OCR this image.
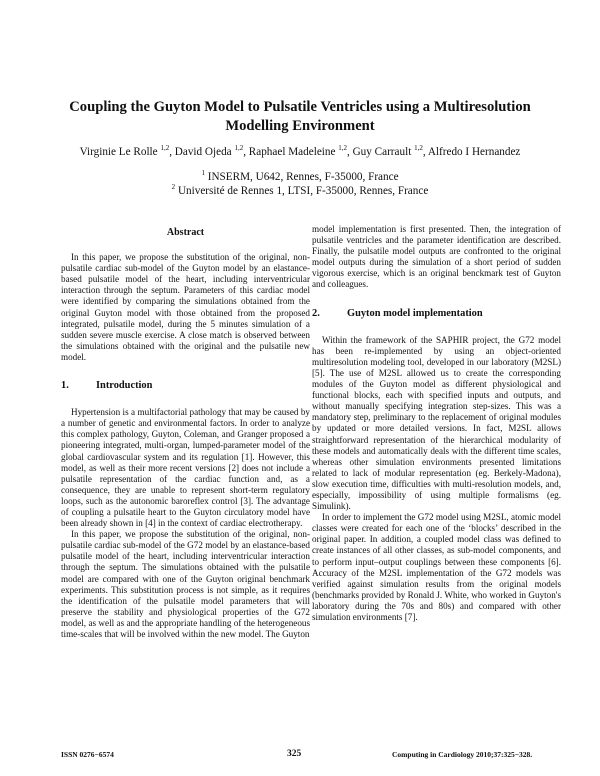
Coupling the Guyton Model to Pulsatile Ventricles using a Multiresolution
Modelling Environment
Virginie Le Rolle $^{1,2}$, David Ojeda $^{1,2}$, Raphael Madeleine $^{1,2}$, Guy Carrault $^{1,2}$, Alfredo I Hernandez
$^1$ INSERM, U642, Rennes, F-35000, France
$^2$ Université de Rennes 1, LTSI, F-35000, Rennes, France
Abstract

In this paper, we propose the substitution of the original, non-pulsatile cardiac sub-model of the Guyton model by an elastance-based pulsatile model of the heart, including interventricular interaction through the septum. Parameters of this cardiac model were identified by comparing the simulations obtained from the original Guyton model with those obtained from the proposed integrated, pulsatile model, during the 5 minutes simulation of a sudden severe muscle exercise. A close match is observed between the simulations obtained with the original and the pulsatile new model.

1.	Introduction

Hypertension is a multifactorial pathology that may be caused by a number of genetic and environmental factors. In order to analyze this complex pathology, Guyton, Coleman, and Granger proposed a pioneering integrated, multi-organ, lumped-parameter model of the global cardiovascular system and its regulation [1]. However, this model, as well as their more recent versions [2] does not include a pulsatile representation of the cardiac function and, as a consequence, they are unable to represent short-term regulatory loops, such as the autonomic baroreflex control [3]. The advantage of coupling a pulsatile heart to the Guyton circulatory model have been already shown in [4] in the context of cardiac electrotherapy.

In this paper, we propose the substitution of the original, non-pulsatile cardiac sub-model of the G72 model by an elastance-based pulsatile model of the heart, including interventricular interaction through the septum. The simulations obtained with the pulsatile model are compared with one of the Guyton original benchmark experiments. This substitution process is not simple, as it requires the identification of the pulsatile model parameters that will preserve the stability and physiological properties of the G72 model, as well as and the appropriate handling of the heterogeneous time-scales that will be involved within the new model. The Guyton

model implementation is first presented. Then, the integration of pulsatile ventricles and the parameter identification are described. Finally, the pulsatile model outputs are confronted to the original model outputs during the simulation of a short period of sudden vigorous exercise, which is an original benckmark test of Guyton and colleagues.

2.	Guyton model implementation

Within the framework of the SAPHIR project, the G72 model has been re-implemented by using an object-oriented multiresolution modeling tool, developed in our laboratory (M2SL) [5]. The use of M2SL allowed us to create the corresponding modules of the Guyton model as different physiological and functional blocks, each with specified inputs and outputs, and without manually specifying integration step-sizes. This was a mandatory step, preliminary to the replacement of original modules by updated or more detailed versions. In fact, M2SL allows straightforward representation of the hierarchical modularity of these models and automatically deals with the different time scales, whereas other simulation environments presented limitations related to lack of modular representation (eg. Berkely-Madona), slow execution time, difficulties with multi-resolution models, and, especially, impossibility of using multiple formalisms (eg. Simulink).

In order to implement the G72 model using M2SL, atomic model classes were created for each one of the ‘blocks’ described in the original paper. In addition, a coupled model class was defined to create instances of all other classes, as sub-model components, and to perform input–output couplings between these components [6]. Accuracy of the M2SL implementation of the G72 models was verified against simulation results from the original models (benchmarks provided by Ronald J. White, who worked in Guyton's laboratory during the 70s and 80s) and compared with other simulation environments [7].

ISSN 0276−6574	325	Computing in Cardiology 2010;37:325−328.
